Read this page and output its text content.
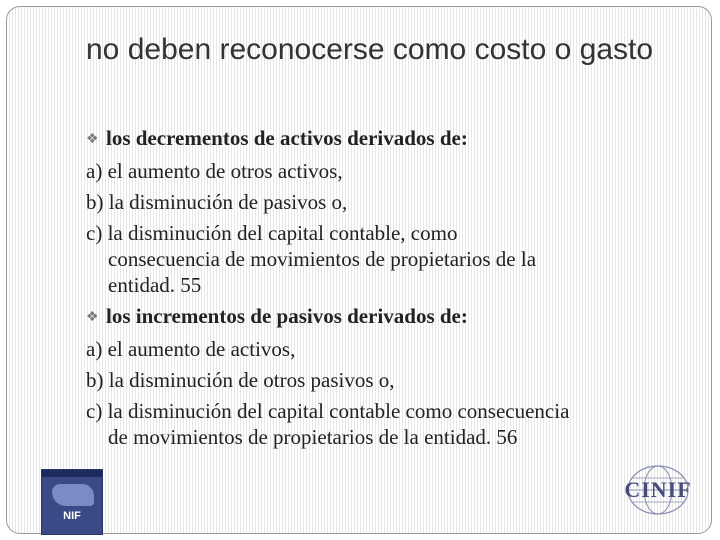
no deben reconocerse como costo o gasto
❖ los decrementos de activos derivados de:
a) el aumento de otros activos,
b) la disminución de pasivos o,
c) la disminución del capital contable, como
consecuencia de movimientos de propietarios de la
entidad. 55
❖ los incrementos de pasivos derivados de:
a) el aumento de activos,
b) la disminución de otros pasivos o,
c) la disminución del capital contable como consecuencia
de movimientos de propietarios de la entidad. 56
NIF
CINIF
